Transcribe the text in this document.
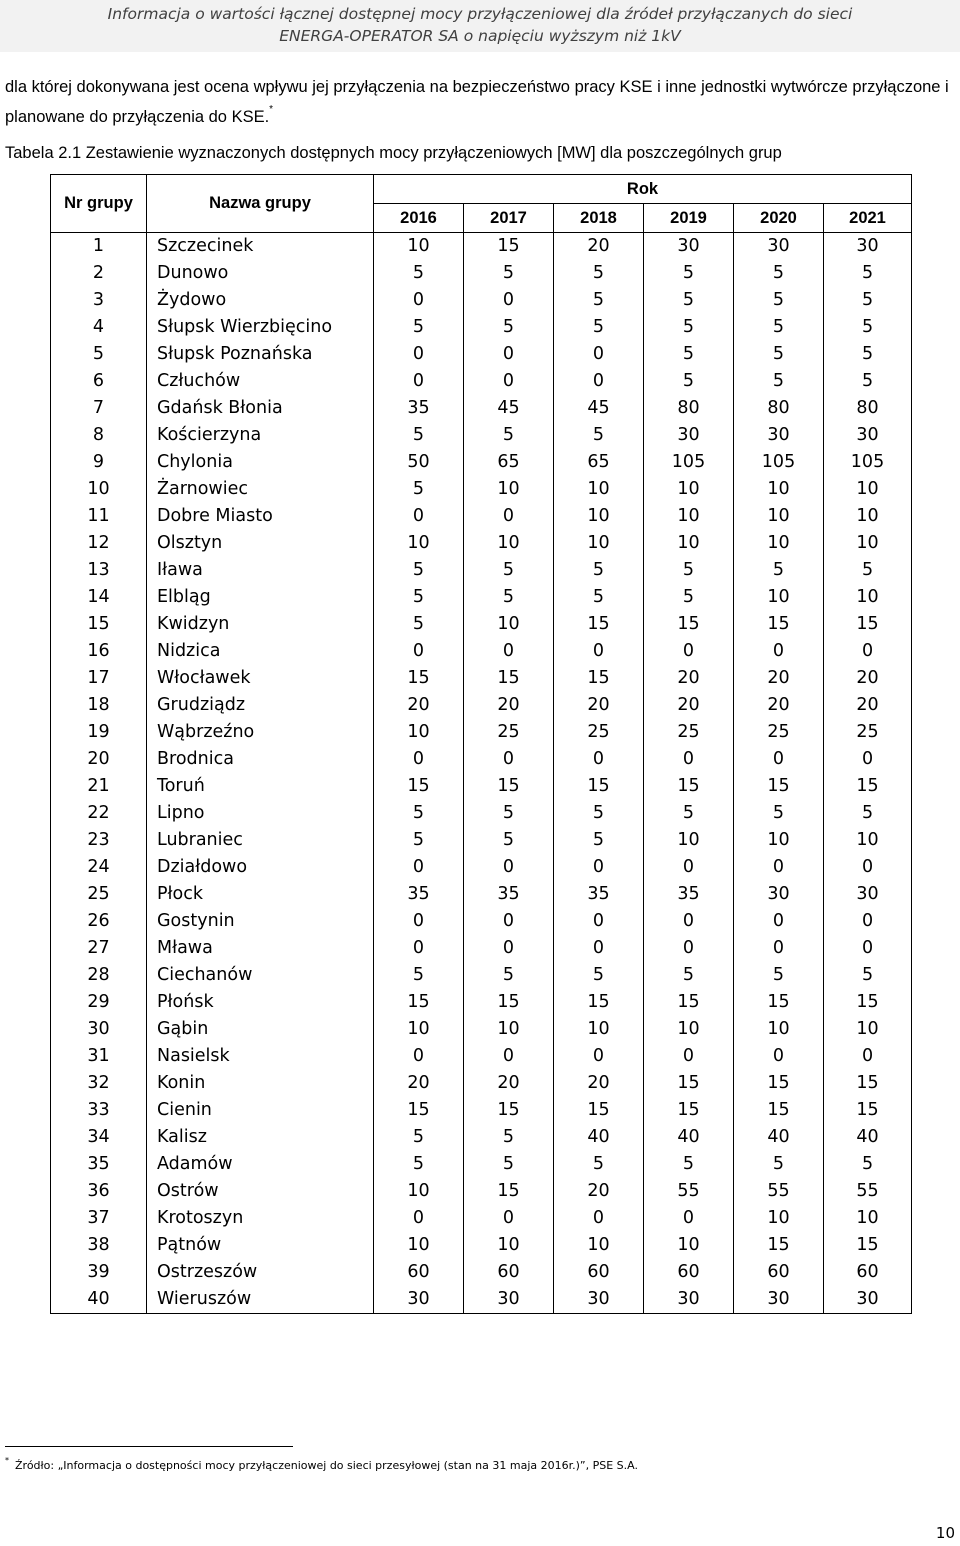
Informacja o wartości łącznej dostępnej mocy przyłączeniowej dla źródeł przyłączanych do sieci
ENERGA-OPERATOR SA o napięciu wyższym niż 1kV
dla której dokonywana jest ocena wpływu jej przyłączenia na bezpieczeństwo pracy KSE i inne jednostki wytwórcze przyłączone i planowane do przyłączenia do KSE.*
Tabela 2.1 Zestawienie wyznaczonych dostępnych mocy przyłączeniowych [MW] dla poszczególnych grup
Nr grupy	Nazwa grupy	Rok					
		2016	2017	2018	2019	2020	2021
1	Szczecinek	10	15	20	30	30	30
2	Dunowo	5	5	5	5	5	5
3	Żydowo	0	0	5	5	5	5
4	Słupsk Wierzbięcino	5	5	5	5	5	5
5	Słupsk Poznańska	0	0	0	5	5	5
6	Człuchów	0	0	0	5	5	5
7	Gdańsk Błonia	35	45	45	80	80	80
8	Kościerzyna	5	5	5	30	30	30
9	Chylonia	50	65	65	105	105	105
10	Żarnowiec	5	10	10	10	10	10
11	Dobre Miasto	0	0	10	10	10	10
12	Olsztyn	10	10	10	10	10	10
13	Iława	5	5	5	5	5	5
14	Elbląg	5	5	5	5	10	10
15	Kwidzyn	5	10	15	15	15	15
16	Nidzica	0	0	0	0	0	0
17	Włocławek	15	15	15	20	20	20
18	Grudziądz	20	20	20	20	20	20
19	Wąbrzeźno	10	25	25	25	25	25
20	Brodnica	0	0	0	0	0	0
21	Toruń	15	15	15	15	15	15
22	Lipno	5	5	5	5	5	5
23	Lubraniec	5	5	5	10	10	10
24	Działdowo	0	0	0	0	0	0
25	Płock	35	35	35	35	30	30
26	Gostynin	0	0	0	0	0	0
27	Mława	0	0	0	0	0	0
28	Ciechanów	5	5	5	5	5	5
29	Płońsk	15	15	15	15	15	15
30	Gąbin	10	10	10	10	10	10
31	Nasielsk	0	0	0	0	0	0
32	Konin	20	20	20	15	15	15
33	Cienin	15	15	15	15	15	15
34	Kalisz	5	5	40	40	40	40
35	Adamów	5	5	5	5	5	5
36	Ostrów	10	15	20	55	55	55
37	Krotoszyn	0	0	0	0	10	10
38	Pątnów	10	10	10	10	15	15
39	Ostrzeszów	60	60	60	60	60	60
40	Wieruszów	30	30	30	30	30	30
* Źródło: „Informacja o dostępności mocy przyłączeniowej do sieci przesyłowej (stan na 31 maja 2016r.)”, PSE S.A.
10
